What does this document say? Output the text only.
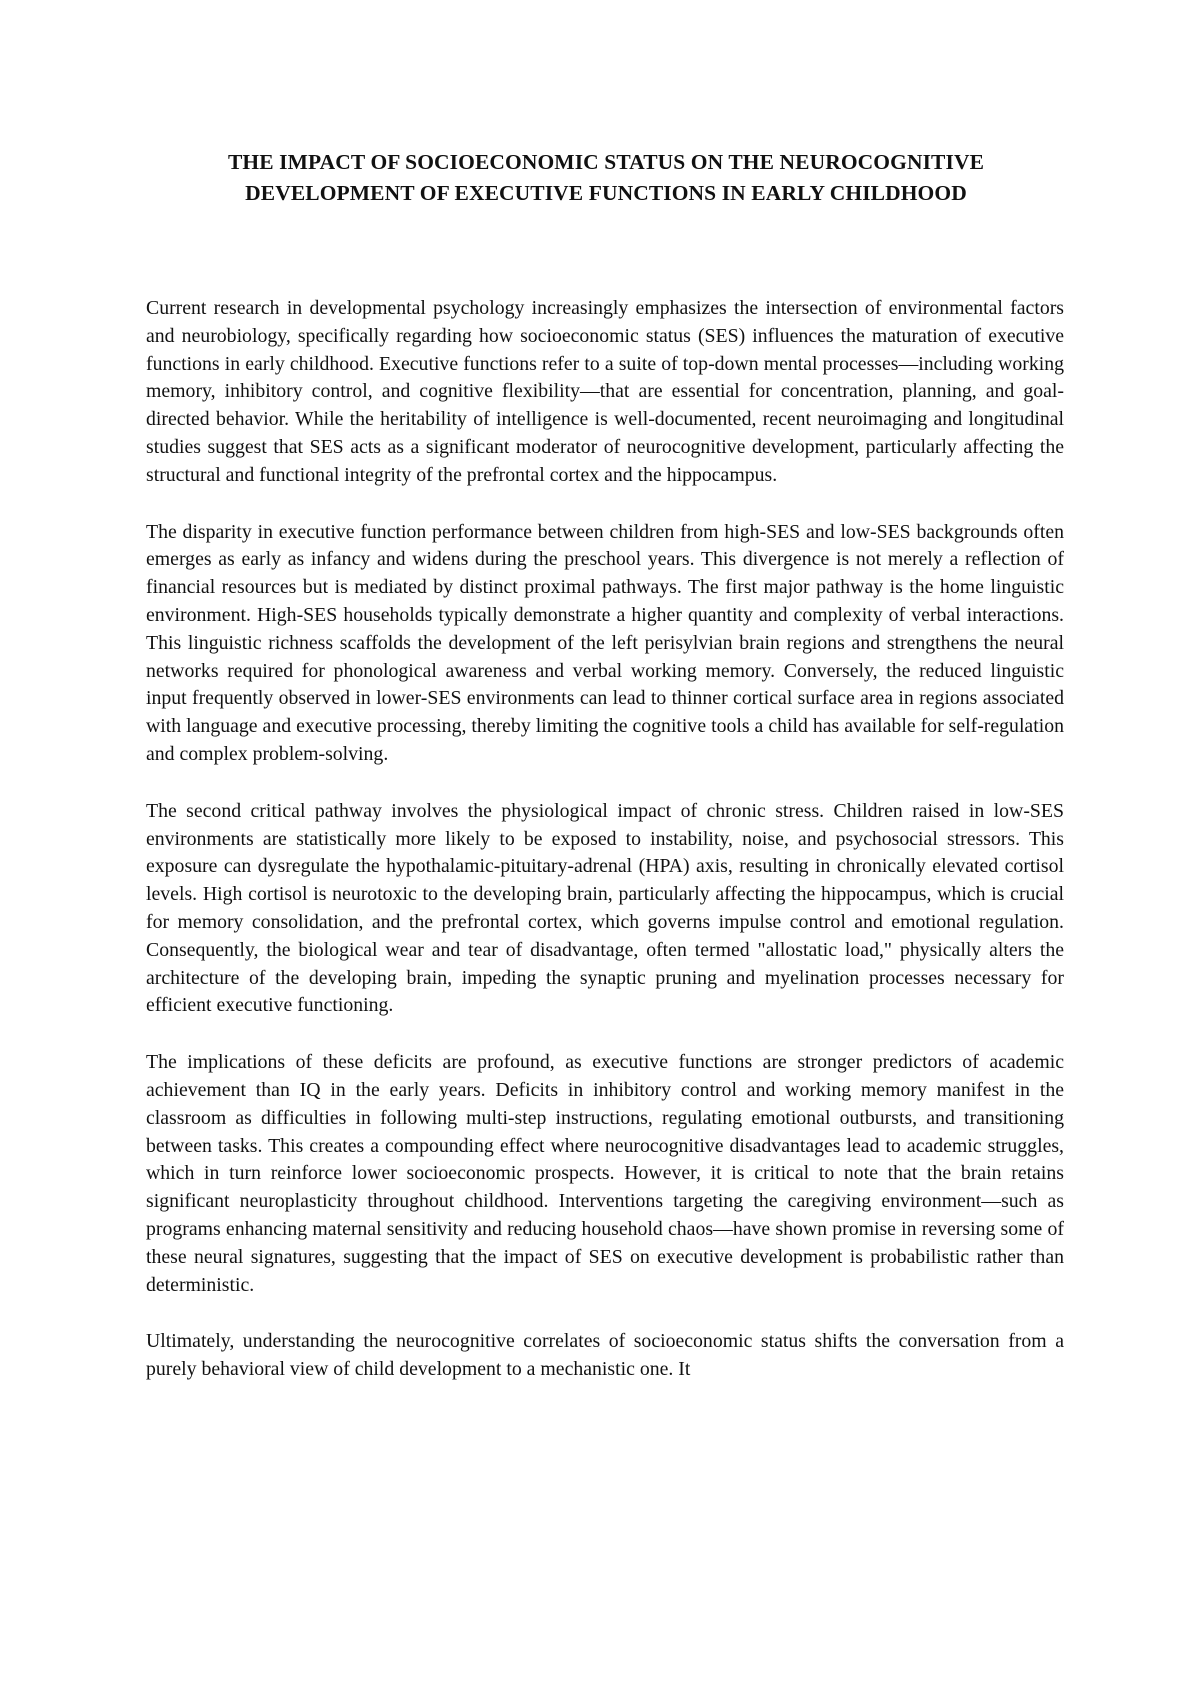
THE IMPACT OF SOCIOECONOMIC STATUS ON THE NEUROCOGNITIVE DEVELOPMENT OF EXECUTIVE FUNCTIONS IN EARLY CHILDHOOD

Current research in developmental psychology increasingly emphasizes the intersection of environmental factors and neurobiology, specifically regarding how socioeconomic status (SES) influences the maturation of executive functions in early childhood. Executive functions refer to a suite of top-down mental processes—including working memory, inhibitory control, and cognitive flexibility—that are essential for concentration, planning, and goal-directed behavior. While the heritability of intelligence is well-documented, recent neuroimaging and longitudinal studies suggest that SES acts as a significant moderator of neurocognitive development, particularly affecting the structural and functional integrity of the prefrontal cortex and the hippocampus.

The disparity in executive function performance between children from high-SES and low-SES backgrounds often emerges as early as infancy and widens during the preschool years. This divergence is not merely a reflection of financial resources but is mediated by distinct proximal pathways. The first major pathway is the home linguistic environment. High-SES households typically demonstrate a higher quantity and complexity of verbal interactions. This linguistic richness scaffolds the development of the left perisylvian brain regions and strengthens the neural networks required for phonological awareness and verbal working memory. Conversely, the reduced linguistic input frequently observed in lower-SES environments can lead to thinner cortical surface area in regions associated with language and executive processing, thereby limiting the cognitive tools a child has available for self-regulation and complex problem-solving.

The second critical pathway involves the physiological impact of chronic stress. Children raised in low-SES environments are statistically more likely to be exposed to instability, noise, and psychosocial stressors. This exposure can dysregulate the hypothalamic-pituitary-adrenal (HPA) axis, resulting in chronically elevated cortisol levels. High cortisol is neurotoxic to the developing brain, particularly affecting the hippocampus, which is crucial for memory consolidation, and the prefrontal cortex, which governs impulse control and emotional regulation. Consequently, the biological wear and tear of disadvantage, often termed "allostatic load," physically alters the architecture of the developing brain, impeding the synaptic pruning and myelination processes necessary for efficient executive functioning.

The implications of these deficits are profound, as executive functions are stronger predictors of academic achievement than IQ in the early years. Deficits in inhibitory control and working memory manifest in the classroom as difficulties in following multi-step instructions, regulating emotional outbursts, and transitioning between tasks. This creates a compounding effect where neurocognitive disadvantages lead to academic struggles, which in turn reinforce lower socioeconomic prospects. However, it is critical to note that the brain retains significant neuroplasticity throughout childhood. Interventions targeting the caregiving environment—such as programs enhancing maternal sensitivity and reducing household chaos—have shown promise in reversing some of these neural signatures, suggesting that the impact of SES on executive development is probabilistic rather than deterministic.

Ultimately, understanding the neurocognitive correlates of socioeconomic status shifts the conversation from a purely behavioral view of child development to a mechanistic one. It
